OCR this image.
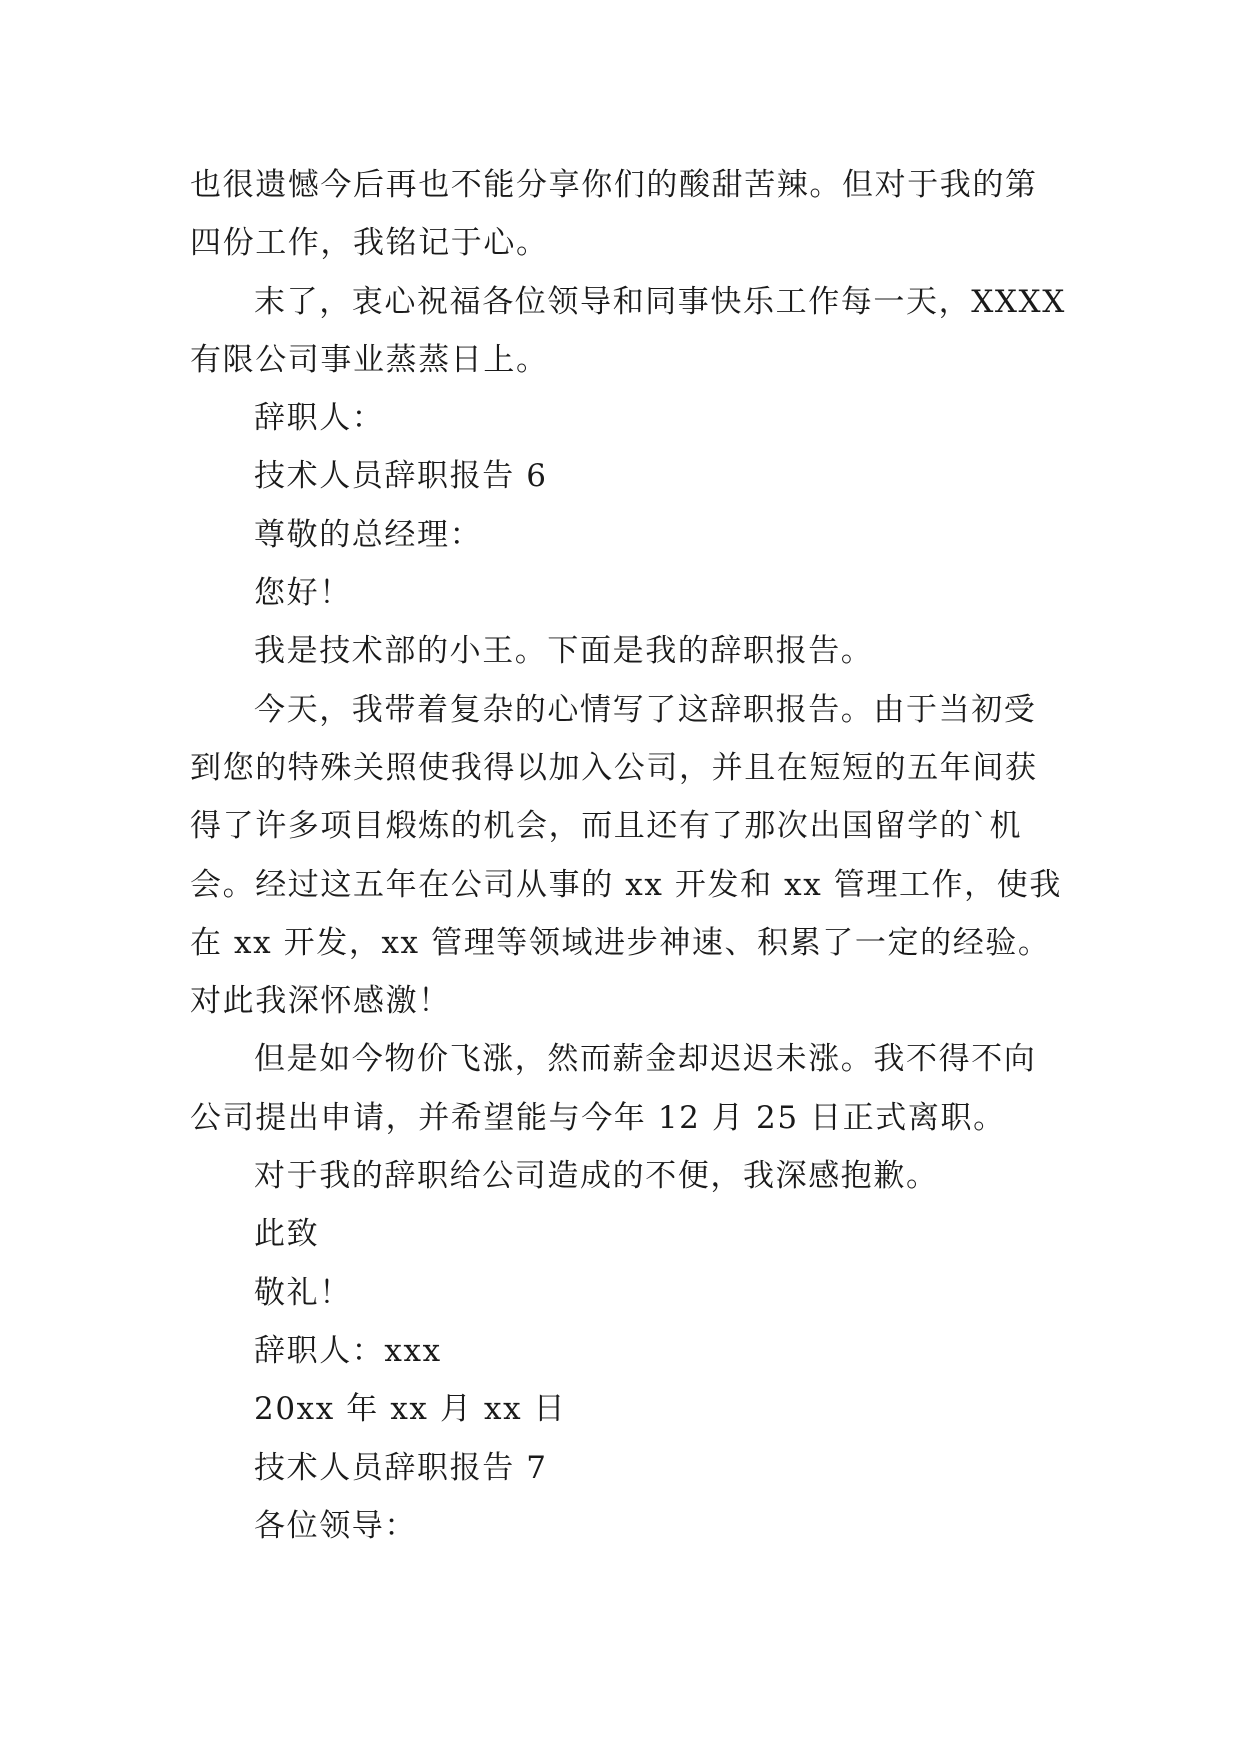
也很遗憾今后再也不能分享你们的酸甜苦辣。但对于我的第
四份工作，我铭记于心。
末了，衷心祝福各位领导和同事快乐工作每一天，XXXX
有限公司事业蒸蒸日上。
辞职人：
技术人员辞职报告 6
尊敬的总经理：
您好！
我是技术部的小王。下面是我的辞职报告。
今天，我带着复杂的心情写了这辞职报告。由于当初受
到您的特殊关照使我得以加入公司，并且在短短的五年间获
得了许多项目煅炼的机会，而且还有了那次出国留学的`机
会。经过这五年在公司从事的 xx 开发和 xx 管理工作，使我
在 xx 开发，xx 管理等领域进步神速、积累了一定的经验。
对此我深怀感激！
但是如今物价飞涨，然而薪金却迟迟未涨。我不得不向
公司提出申请，并希望能与今年 12 月 25 日正式离职。
对于我的辞职给公司造成的不便，我深感抱歉。
此致
敬礼！
辞职人：xxx
20xx 年 xx 月 xx 日
技术人员辞职报告 7
各位领导：
